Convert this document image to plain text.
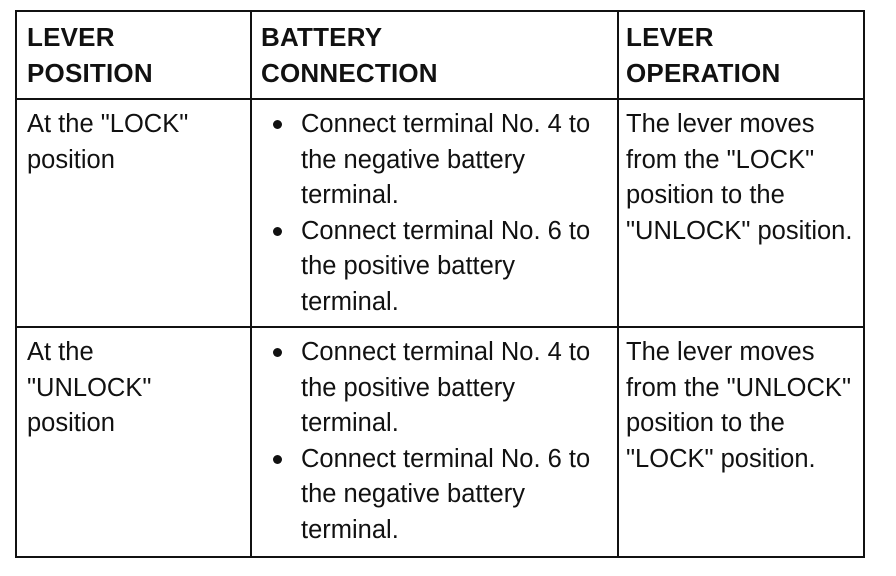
LEVER
POSITION
BATTERY
CONNECTION
LEVER
OPERATION
At the "LOCK" position
Connect terminal No. 4 to the negative battery terminal.
Connect terminal No. 6 to the positive battery terminal.
The lever moves from the "LOCK" position to the "UNLOCK" position.
At the "UNLOCK" position
Connect terminal No. 4 to the positive battery terminal.
Connect terminal No. 6 to the negative battery terminal.
The lever moves from the "UNLOCK" position to the "LOCK" position.
